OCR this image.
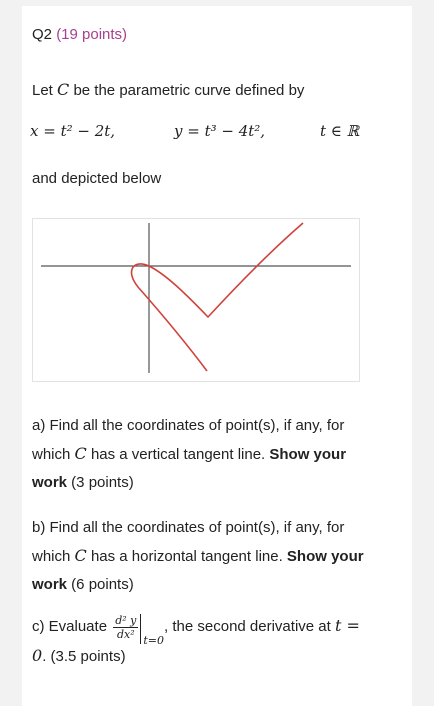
Q2 (19 points)
Let C be the parametric curve defined by
x = t² − 2t,	y = t³ − 4t²,	t ∈ ℝ
and depicted below
a) Find all the coordinates of point(s), if any, for which C has a vertical tangent line. Show your work (3 points)
b) Find all the coordinates of point(s), if any, for which C has a horizontal tangent line. Show your work (6 points)
c) Evaluate $\frac{\text{d² y}}{\text{dx²}} _{t=0}$, the second derivative at t = 0. (3.5 points)
